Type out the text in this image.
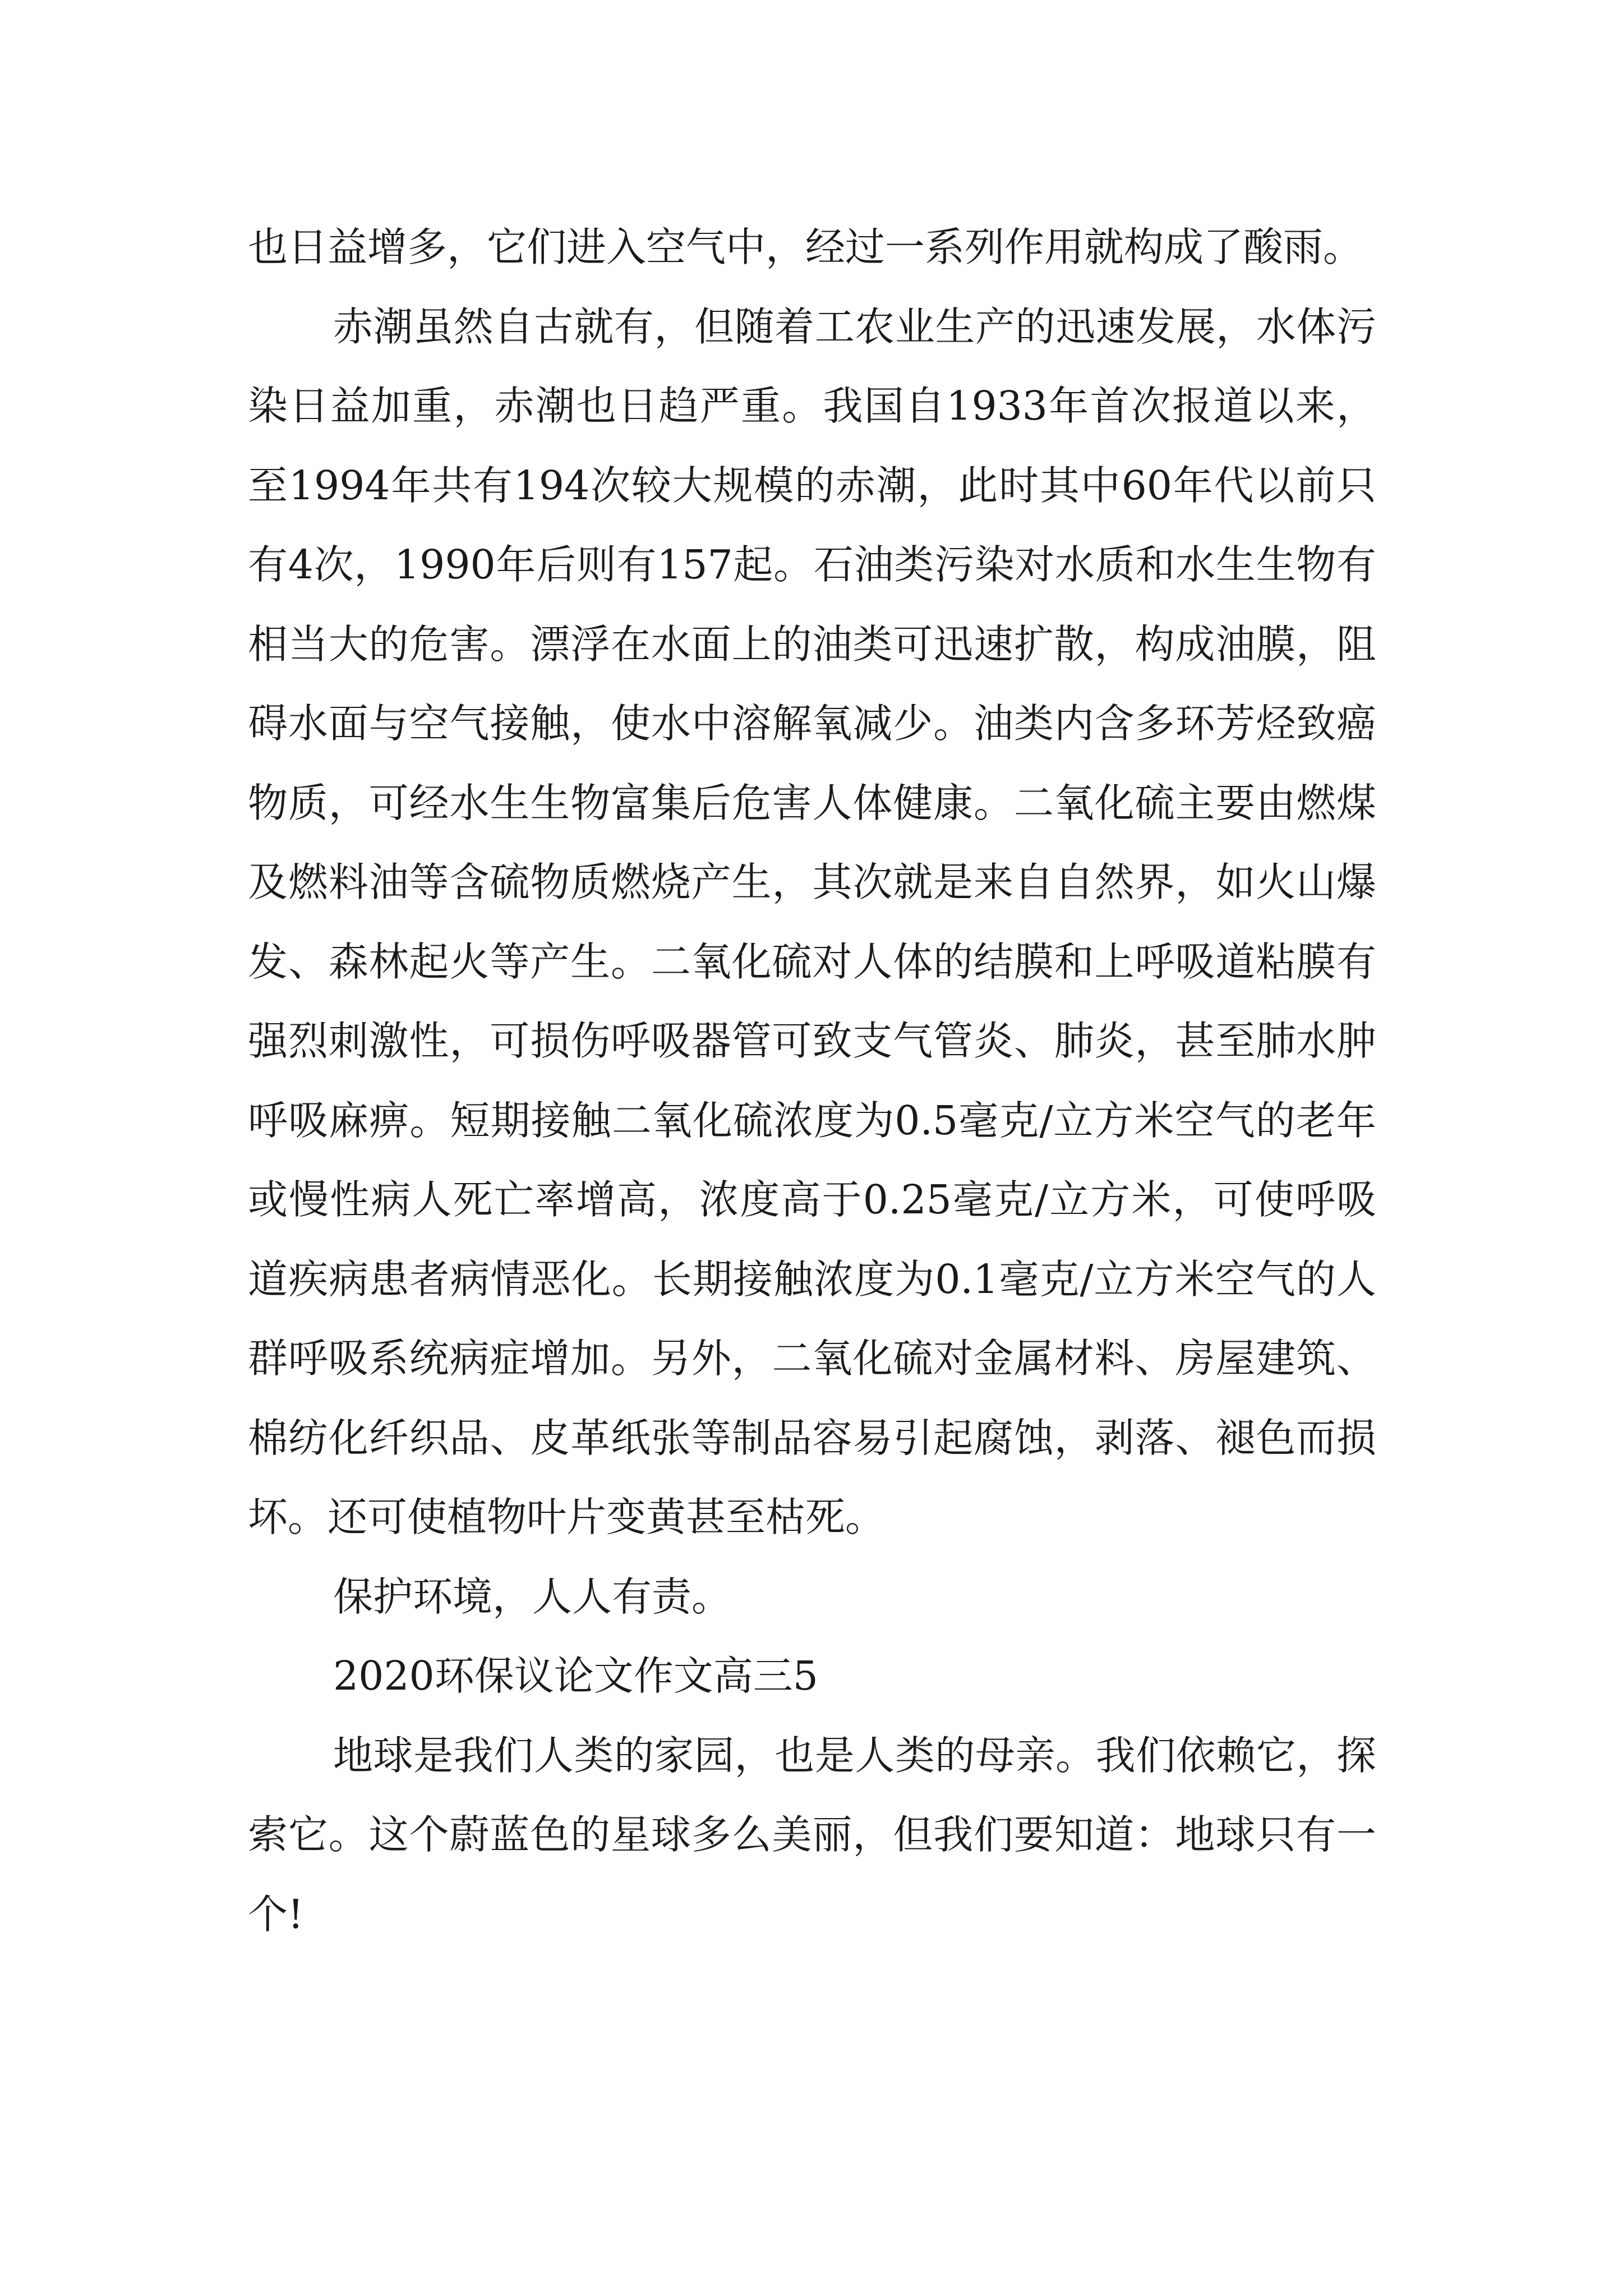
也日益增多，它们进入空气中，经过一系列作用就构成了酸雨。

赤潮虽然自古就有，但随着工农业生产的迅速发展，水体污染日益加重，赤潮也日趋严重。我国自1933年首次报道以来，至1994年共有194次较大规模的赤潮，此时其中60年代以前只有4次，1990年后则有157起。石油类污染对水质和水生生物有相当大的危害。漂浮在水面上的油类可迅速扩散，构成油膜，阻碍水面与空气接触，使水中溶解氧减少。油类内含多环芳烃致癌物质，可经水生生物富集后危害人体健康。二氧化硫主要由燃煤及燃料油等含硫物质燃烧产生，其次就是来自自然界，如火山爆发、森林起火等产生。二氧化硫对人体的结膜和上呼吸道粘膜有强烈刺激性，可损伤呼吸器管可致支气管炎、肺炎，甚至肺水肿呼吸麻痹。短期接触二氧化硫浓度为0.5毫克/立方米空气的老年或慢性病人死亡率增高，浓度高于0.25毫克/立方米，可使呼吸道疾病患者病情恶化。长期接触浓度为0.1毫克/立方米空气的人群呼吸系统病症增加。另外，二氧化硫对金属材料、房屋建筑、棉纺化纤织品、皮革纸张等制品容易引起腐蚀，剥落、褪色而损坏。还可使植物叶片变黄甚至枯死。

保护环境，人人有责。

2020环保议论文作文高三5

地球是我们人类的家园，也是人类的母亲。我们依赖它，探索它。这个蔚蓝色的星球多么美丽，但我们要知道：地球只有一个!
